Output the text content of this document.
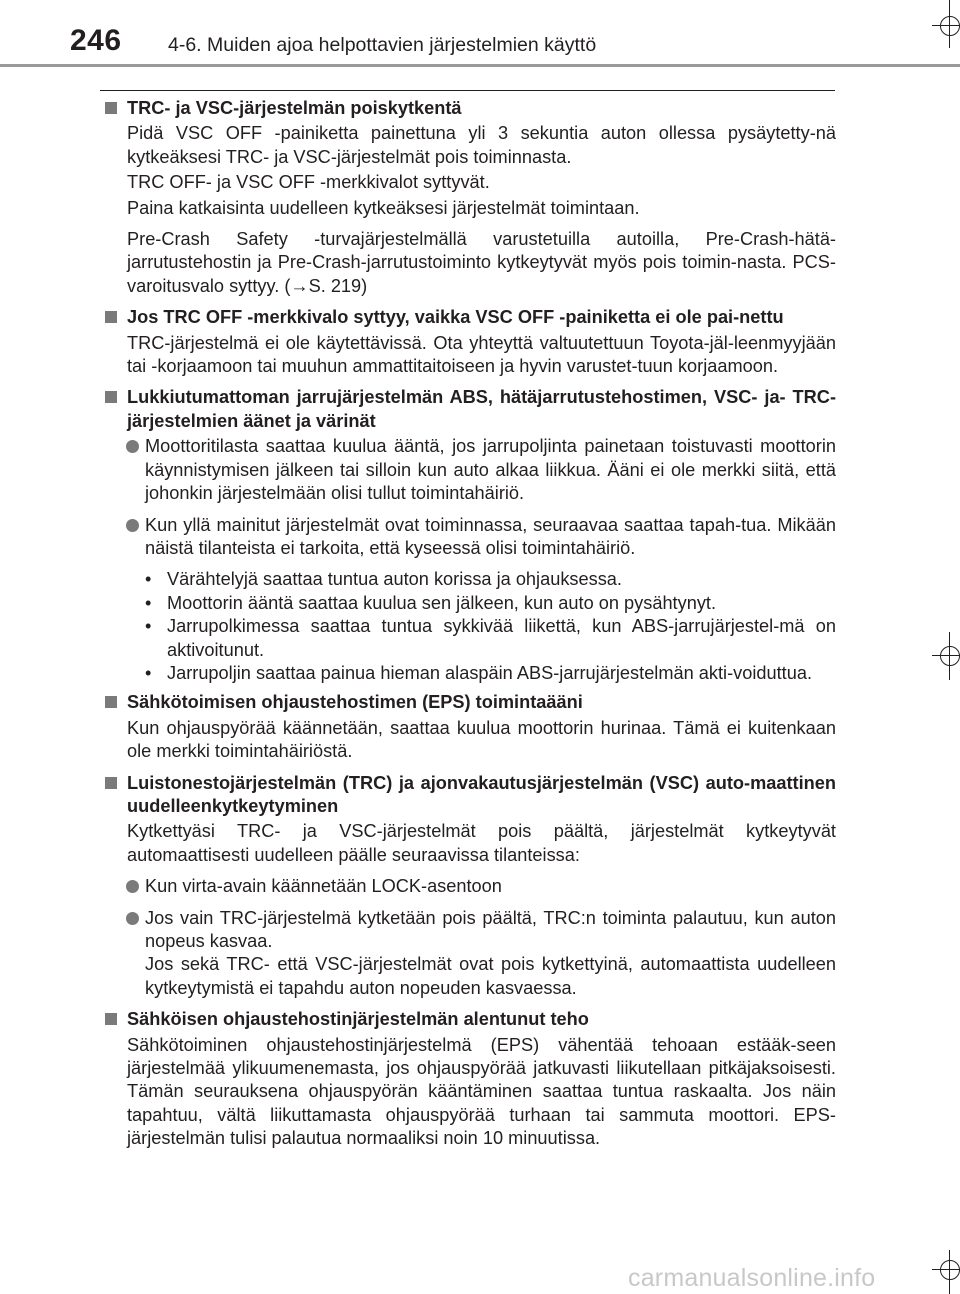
246 4-6. Muiden ajoa helpottavien järjestelmien käyttö
TRC- ja VSC-järjestelmän poiskytkentä
Pidä VSC OFF -painiketta painettuna yli 3 sekuntia auton ollessa pysäytetty-nä kytkeäksesi TRC- ja VSC-järjestelmät pois toiminnasta.
TRC OFF- ja VSC OFF -merkkivalot syttyvät.
Paina katkaisinta uudelleen kytkeäksesi järjestelmät toimintaan.
Pre-Crash Safety -turvajärjestelmällä varustetuilla autoilla, Pre-Crash-hätä-jarrutustehostin ja Pre-Crash-jarrutustoiminto kytkeytyvät myös pois toimin-nasta. PCS-varoitusvalo syttyy. (→S. 219)
Jos TRC OFF -merkkivalo syttyy, vaikka VSC OFF -painiketta ei ole pai-nettu
TRC-järjestelmä ei ole käytettävissä. Ota yhteyttä valtuutettuun Toyota-jäl-leenmyyjään tai -korjaamoon tai muuhun ammattitaitoiseen ja hyvin varustet-tuun korjaamoon.
Lukkiutumattoman jarrujärjestelmän ABS, hätäjarrutustehostimen, VSC- ja- TRC-järjestelmien äänet ja värinät
Moottoritilasta saattaa kuulua ääntä, jos jarrupoljinta painetaan toistuvasti moottorin käynnistymisen jälkeen tai silloin kun auto alkaa liikkua. Ääni ei ole merkki siitä, että johonkin järjestelmään olisi tullut toimintahäiriö.
Kun yllä mainitut järjestelmät ovat toiminnassa, seuraavaa saattaa tapah-tua. Mikään näistä tilanteista ei tarkoita, että kyseessä olisi toimintahäiriö.
• Värähtelyjä saattaa tuntua auton korissa ja ohjauksessa.
• Moottorin ääntä saattaa kuulua sen jälkeen, kun auto on pysähtynyt.
• Jarrupolkimessa saattaa tuntua sykkivää liikettä, kun ABS-jarrujärjestel-mä on aktivoitunut.
• Jarrupoljin saattaa painua hieman alaspäin ABS-jarrujärjestelmän akti-voiduttua.
Sähkötoimisen ohjaustehostimen (EPS) toimintaääni
Kun ohjauspyörää käännetään, saattaa kuulua moottorin hurinaa. Tämä ei kuitenkaan ole merkki toimintahäiriöstä.
Luistonestojärjestelmän (TRC) ja ajonvakautusjärjestelmän (VSC) auto-maattinen uudelleenkytkeytyminen
Kytkettyäsi TRC- ja VSC-järjestelmät pois päältä, järjestelmät kytkeytyvät automaattisesti uudelleen päälle seuraavissa tilanteissa:
Kun virta-avain käännetään LOCK-asentoon
Jos vain TRC-järjestelmä kytketään pois päältä, TRC:n toiminta palautuu, kun auton nopeus kasvaa.
Jos sekä TRC- että VSC-järjestelmät ovat pois kytkettyinä, automaattista uudelleen kytkeytymistä ei tapahdu auton nopeuden kasvaessa.
Sähköisen ohjaustehostinjärjestelmän alentunut teho
Sähkötoiminen ohjaustehostinjärjestelmä (EPS) vähentää tehoaan estääk-seen järjestelmää ylikuumenemasta, jos ohjauspyörää jatkuvasti liikutellaan pitkäjaksoisesti. Tämän seurauksena ohjauspyörän kääntäminen saattaa tuntua raskaalta. Jos näin tapahtuu, vältä liikuttamasta ohjauspyörää turhaan tai sammuta moottori. EPS-järjestelmän tulisi palautua normaaliksi noin 10 minuutissa.
carmanualsonline.info
